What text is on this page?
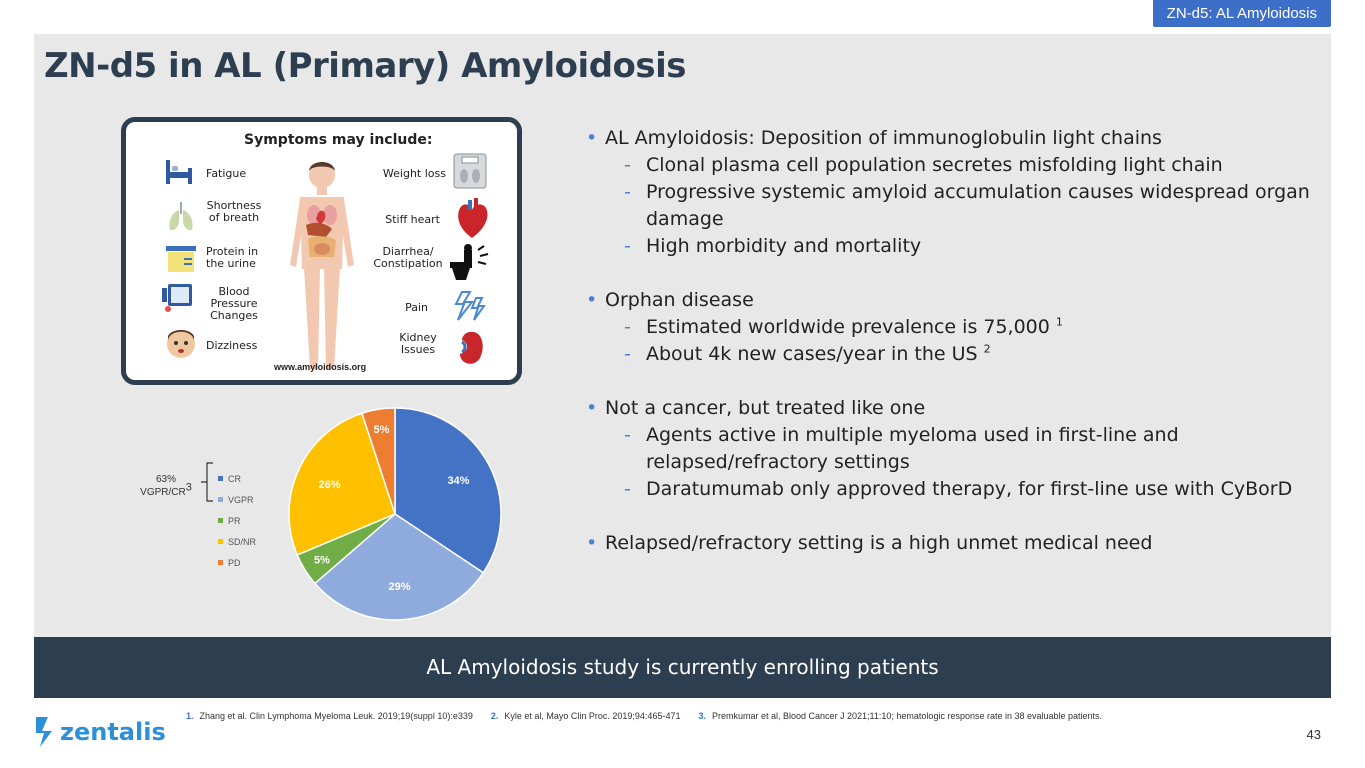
ZN-d5: AL Amyloidosis
ZN-d5 in AL (Primary) Amyloidosis
Symptoms may include:
Fatigue
Shortness of breath
Protein in the urine
Blood Pressure Changes
Dizziness
Weight loss
Stiff heart
Diarrhea/ Constipation
Pain
Kidney Issues
www.amyloidosis.org
34%
29%
5%
26%
5%
63% VGPR/$CR^3$
CR
VGPR
PR
SD/NR
PD
• AL Amyloidosis: Deposition of immunoglobulin light chains
- Clonal plasma cell population secretes misfolding light chain
- Progressive systemic amyloid accumulation causes widespread organ damage
- High morbidity and mortality
• Orphan disease
- Estimated worldwide prevalence is 75,000 $^1$
- About 4k new cases/year in the US $^2$
• Not a cancer, but treated like one
- Agents active in multiple myeloma used in first-line and relapsed/refractory settings
- Daratumumab only approved therapy, for first-line use with CyBorD
• Relapsed/refractory setting is a high unmet medical need
AL Amyloidosis study is currently enrolling patients
zentalis
1. Zhang et al. Clin Lymphoma Myeloma Leuk. 2019;19(suppl 10):e339 2. Kyle et al, Mayo Clin Proc. 2019;94:465-471 3. Premkumar et al, Blood Cancer J 2021;11:10; hematologic response rate in 38 evaluable patients.
43
